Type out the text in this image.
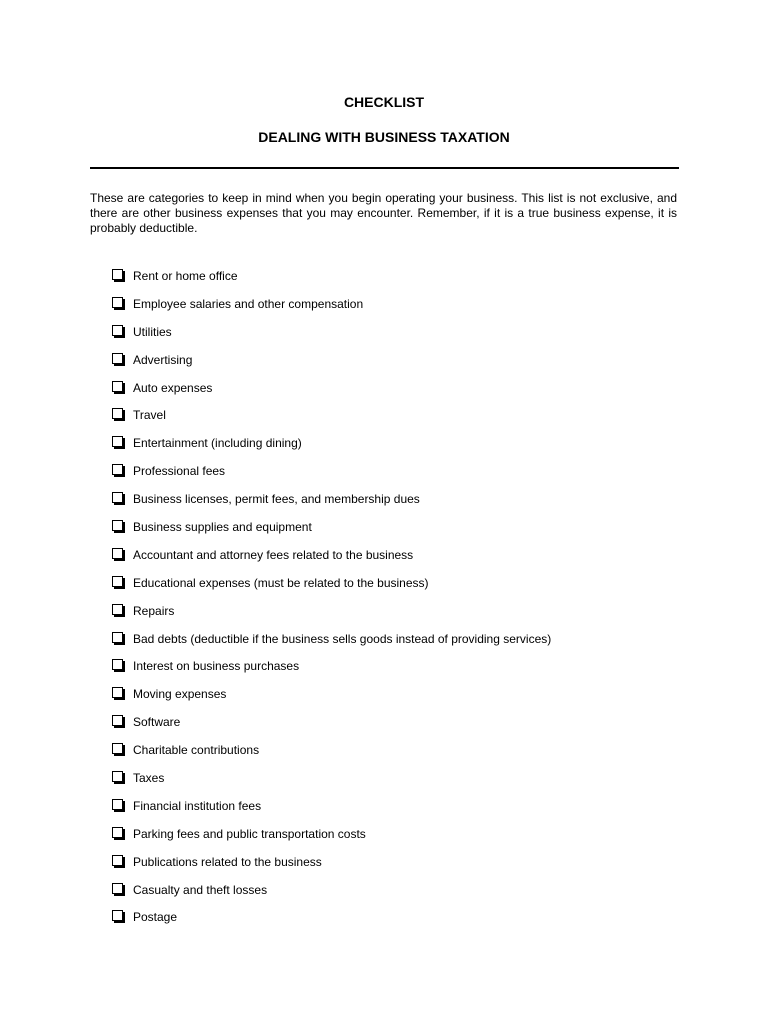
CHECKLIST
DEALING WITH BUSINESS TAXATION

These are categories to keep in mind when you begin operating your business. This list is not exclusive, and there are other business expenses that you may encounter. Remember, if it is a true business expense, it is probably deductible.

Rent or home office
Employee salaries and other compensation
Utilities
Advertising
Auto expenses
Travel
Entertainment (including dining)
Professional fees
Business licenses, permit fees, and membership dues
Business supplies and equipment
Accountant and attorney fees related to the business
Educational expenses (must be related to the business)
Repairs
Bad debts (deductible if the business sells goods instead of providing services)
Interest on business purchases
Moving expenses
Software
Charitable contributions
Taxes
Financial institution fees
Parking fees and public transportation costs
Publications related to the business
Casualty and theft losses
Postage
